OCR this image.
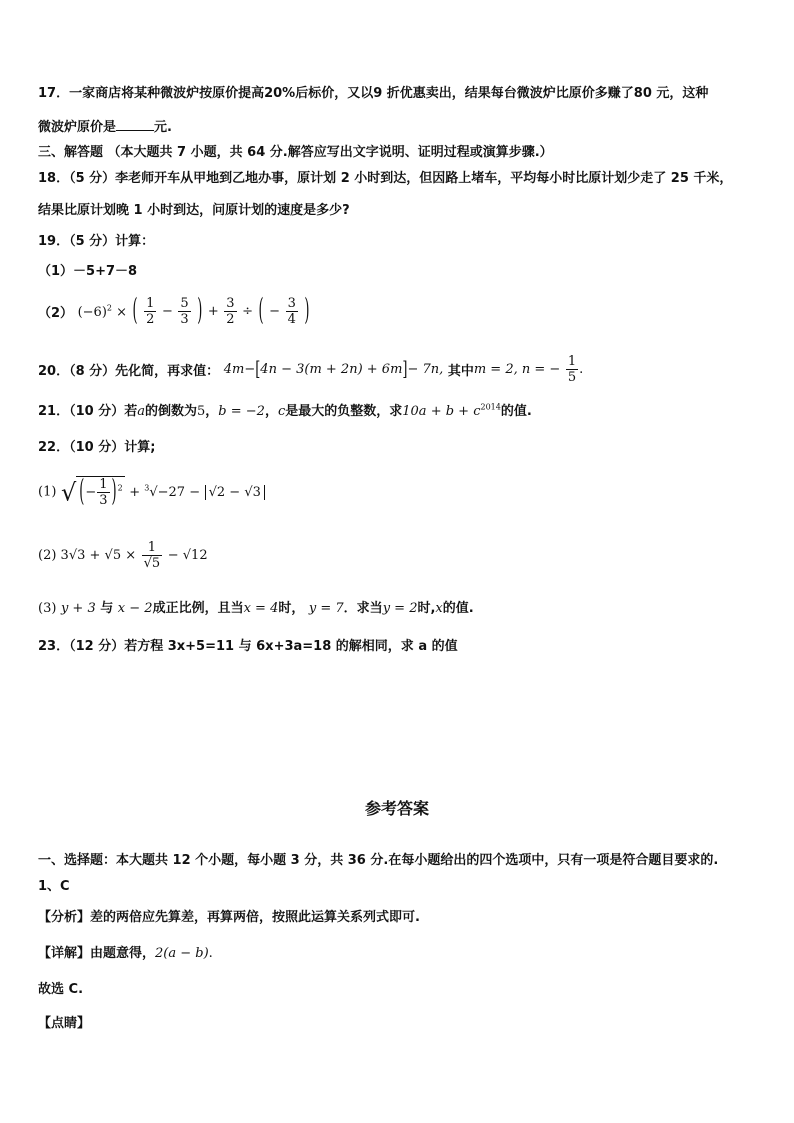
17．一家商店将某种微波炉按原价提高20%后标价，又以9 折优惠卖出，结果每台微波炉比原价多赚了80 元，这种
微波炉原价是	元.
三、解答题 （本大题共 7 小题，共 64 分.解答应写出文字说明、证明过程或演算步骤.）
18．（5 分）李老师开车从甲地到乙地办事，原计划 2 小时到达，但因路上堵车，平均每小时比原计划少走了 25 千米，
结果比原计划晚 1 小时到达，问原计划的速度是多少?
19．（5 分）计算：
（1）－5+7－8
（2） $(-6)^2$ × ( $\frac{1}{2} - \frac{5}{3}$ ) + $\frac{3}{2}$ ÷ ( − $\frac{3}{4}$ )
20．（8 分）先化简，再求值： 4m−[4n − 3(m + 2n) + 6m]− 7n, 其中m = 2, n = − $\frac{1}{5}$ .
21．（10 分）若a的倒数为5，b = −2，c是最大的负整数，求$10a + b + c^{2014}$的值.
22．（10 分）计算;
(1) √ (− $\frac{1}{3} )^2 + ^3√-27 - √2 - √3$
(2) $3√3 + √5 \times \frac{1}{√5} - √12$
(3) y + 3 与 x − 2成正比例，且当x = 4时， y = 7．求当y = 2时,x的值.
23．（12 分）若方程 3x+5=11 与 6x+3a=18 的解相同，求 a 的值
参考答案
一、选择题：本大题共 12 个小题，每小题 3 分，共 36 分.在每小题给出的四个选项中，只有一项是符合题目要求的.
1、C
【分析】差的两倍应先算差，再算两倍，按照此运算关系列式即可.
【详解】由题意得，2(a − b).
故选 C.
【点睛】
